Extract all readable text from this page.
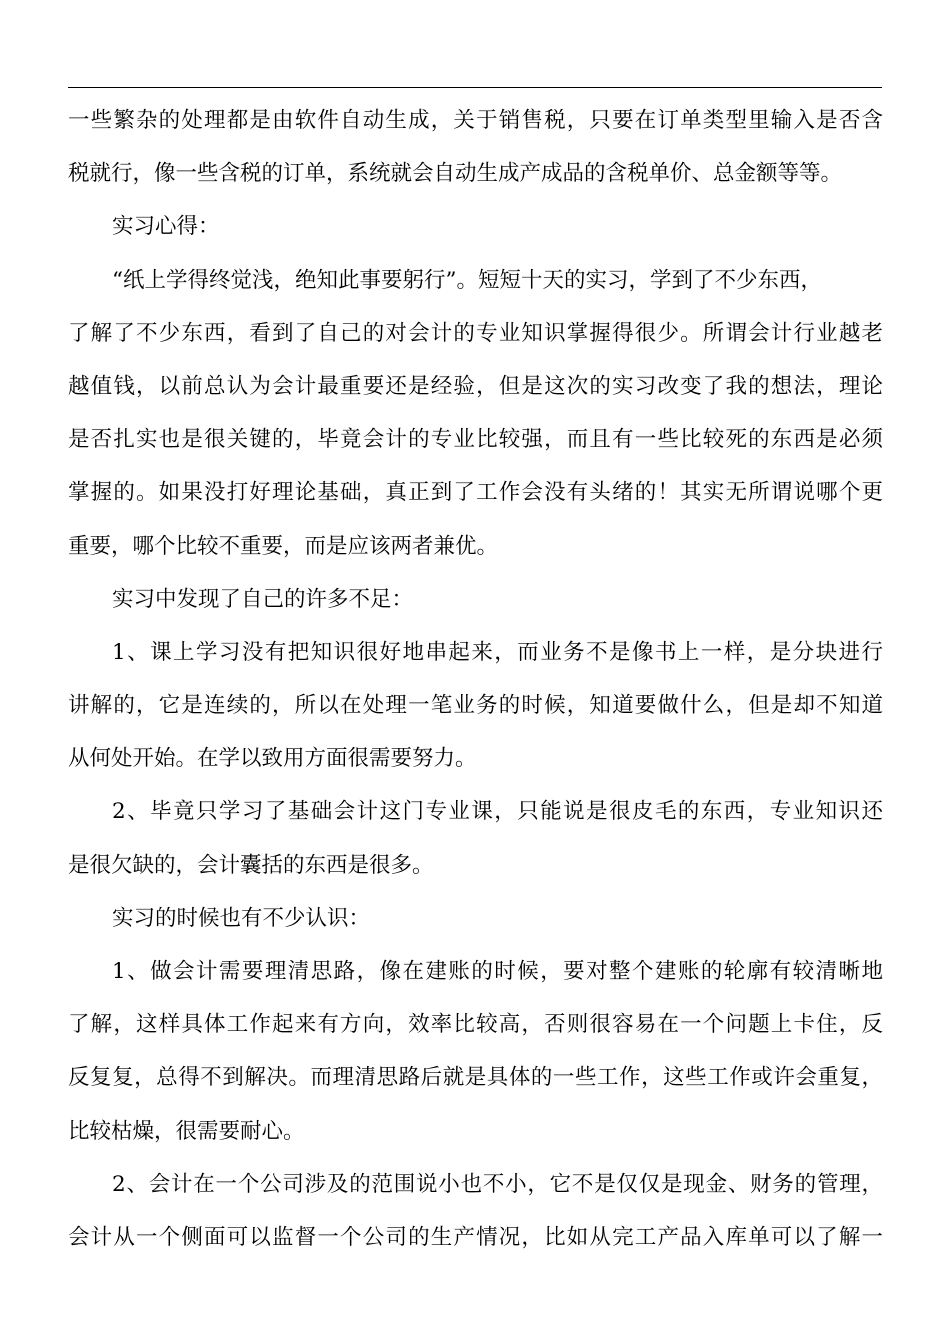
一些繁杂的处理都是由软件自动生成，关于销售税，只要在订单类型里输入是否含
税就行，像一些含税的订单，系统就会自动生成产成品的含税单价、总金额等等。
实习心得：
“纸上学得终觉浅，绝知此事要躬行”。短短十天的实习，学到了不少东西，
了解了不少东西，看到了自己的对会计的专业知识掌握得很少。所谓会计行业越老
越值钱，以前总认为会计最重要还是经验，但是这次的实习改变了我的想法，理论
是否扎实也是很关键的，毕竟会计的专业比较强，而且有一些比较死的东西是必须
掌握的。如果没打好理论基础，真正到了工作会没有头绪的！其实无所谓说哪个更
重要，哪个比较不重要，而是应该两者兼优。
实习中发现了自己的许多不足：
1、课上学习没有把知识很好地串起来，而业务不是像书上一样，是分块进行
讲解的，它是连续的，所以在处理一笔业务的时候，知道要做什么，但是却不知道
从何处开始。在学以致用方面很需要努力。
2、毕竟只学习了基础会计这门专业课，只能说是很皮毛的东西，专业知识还
是很欠缺的，会计囊括的东西是很多。
实习的时候也有不少认识：
1、做会计需要理清思路，像在建账的时候，要对整个建账的轮廓有较清晰地
了解，这样具体工作起来有方向，效率比较高，否则很容易在一个问题上卡住，反
反复复，总得不到解决。而理清思路后就是具体的一些工作，这些工作或许会重复，
比较枯燥，很需要耐心。
2、会计在一个公司涉及的范围说小也不小，它不是仅仅是现金、财务的管理，
会计从一个侧面可以监督一个公司的生产情况，比如从完工产品入库单可以了解一
